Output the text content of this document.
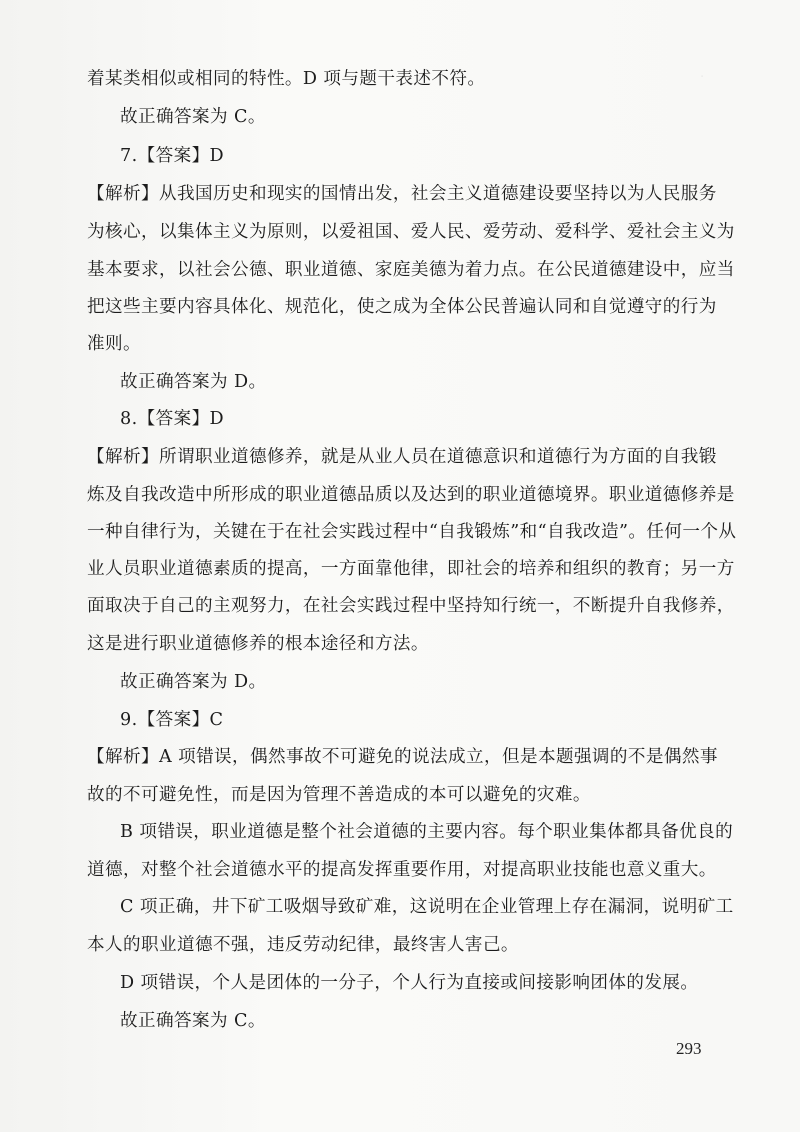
·
着某类相似或相同的特性。D 项与题干表述不符。
故正确答案为 C。
7.【答案】D
【解析】从我国历史和现实的国情出发，社会主义道德建设要坚持以为人民服务
为核心，以集体主义为原则，以爱祖国、爱人民、爱劳动、爱科学、爱社会主义为
基本要求，以社会公德、职业道德、家庭美德为着力点。在公民道德建设中，应当
把这些主要内容具体化、规范化，使之成为全体公民普遍认同和自觉遵守的行为
准则。
故正确答案为 D。
8.【答案】D
【解析】所谓职业道德修养，就是从业人员在道德意识和道德行为方面的自我锻
炼及自我改造中所形成的职业道德品质以及达到的职业道德境界。职业道德修养是
一种自律行为，关键在于在社会实践过程中“自我锻炼”和“自我改造”。任何一个从
业人员职业道德素质的提高，一方面靠他律，即社会的培养和组织的教育；另一方
面取决于自己的主观努力，在社会实践过程中坚持知行统一，不断提升自我修养，
这是进行职业道德修养的根本途径和方法。
故正确答案为 D。
9.【答案】C
【解析】A 项错误，偶然事故不可避免的说法成立，但是本题强调的不是偶然事
故的不可避免性，而是因为管理不善造成的本可以避免的灾难。
B 项错误，职业道德是整个社会道德的主要内容。每个职业集体都具备优良的
道德，对整个社会道德水平的提高发挥重要作用，对提高职业技能也意义重大。
C 项正确，井下矿工吸烟导致矿难，这说明在企业管理上存在漏洞，说明矿工
本人的职业道德不强，违反劳动纪律，最终害人害己。
D 项错误，个人是团体的一分子，个人行为直接或间接影响团体的发展。
故正确答案为 C。
293
